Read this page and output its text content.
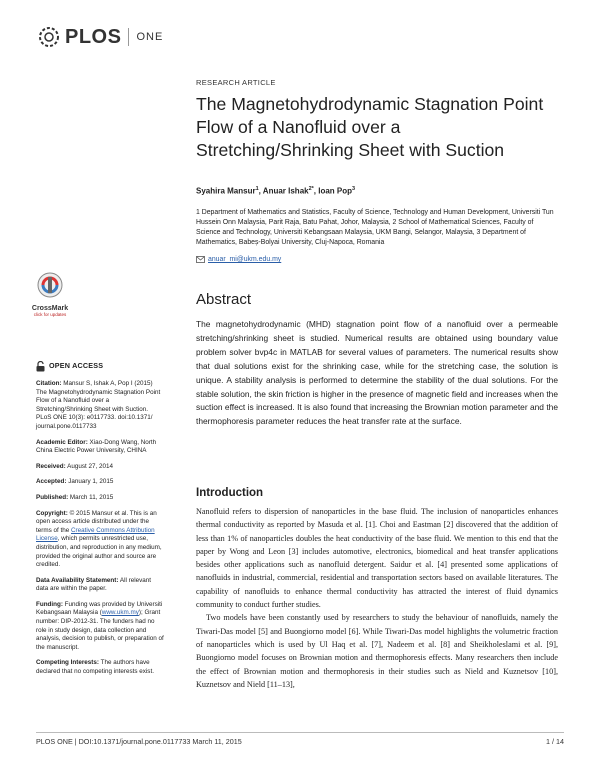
PLOS ONE
CrossMark
click for updates
OPEN ACCESS
Citation: Mansur S, Ishak A, Pop I (2015) The Magnetohydrodynamic Stagnation Point Flow of a Nanofluid over a Stretching/Shrinking Sheet with Suction. PLoS ONE 10(3): e0117733. doi:10.1371/ journal.pone.0117733
Academic Editor: Xiao-Dong Wang, North China Electric Power University, CHINA
Received: August 27, 2014
Accepted: January 1, 2015
Published: March 11, 2015
Copyright: © 2015 Mansur et al. This is an open access article distributed under the terms of the Creative Commons Attribution License, which permits unrestricted use, distribution, and reproduction in any medium, provided the original author and source are credited.
Data Availability Statement: All relevant data are within the paper.
Funding: Funding was provided by Universiti Kebangsaan Malaysia (www.ukm.my); Grant number: DIP-2012-31. The funders had no role in study design, data collection and analysis, decision to publish, or preparation of the manuscript.
Competing Interests: The authors have declared that no competing interests exist.
RESEARCH ARTICLE
The Magnetohydrodynamic Stagnation Point Flow of a Nanofluid over a Stretching/Shrinking Sheet with Suction
Syahira Mansur$^1$, Anuar Ishak$^{2*}$, Ioan Pop$^3$
1 Department of Mathematics and Statistics, Faculty of Science, Technology and Human Development, Universiti Tun Hussein Onn Malaysia, Parit Raja, Batu Pahat, Johor, Malaysia, 2 School of Mathematical Sciences, Faculty of Science and Technology, Universiti Kebangsaan Malaysia, UKM Bangi, Selangor, Malaysia, 3 Department of Mathematics, Babeș-Bolyai University, Cluj-Napoca, Romania
anuar_mi@ukm.edu.my
Abstract
The magnetohydrodynamic (MHD) stagnation point flow of a nanofluid over a permeable stretching/shrinking sheet is studied. Numerical results are obtained using boundary value problem solver bvp4c in MATLAB for several values of parameters. The numerical results show that dual solutions exist for the shrinking case, while for the stretching case, the solution is unique. A stability analysis is performed to determine the stability of the dual solutions. For the stable solution, the skin friction is higher in the presence of magnetic field and increases when the suction effect is increased. It is also found that increasing the Brownian motion parameter and the thermophoresis parameter reduces the heat transfer rate at the surface.
Introduction

Nanofluid refers to dispersion of nanoparticles in the base fluid. The inclusion of nanoparticles enhances thermal conductivity as reported by Masuda et al. [1]. Choi and Eastman [2] discovered that the addition of less than 1% of nanoparticles doubles the heat conductivity of the base fluid. We mention to this end that the paper by Wong and Leon [3] includes automotive, electronics, biomedical and heat transfer applications besides other applications such as nanofluid detergent. Saidur et al. [4] presented some applications of nanofluids in industrial, commercial, residential and transportation sectors based on available literatures. The capability of nanofluids to enhance thermal conductivity has attracted the interest of fluid dynamics community to conduct further studies.

Two models have been constantly used by researchers to study the behaviour of nanofluids, namely the Tiwari-Das model [5] and Buongiorno model [6]. While Tiwari-Das model highlights the volumetric fraction of nanoparticles which is used by Ul Haq et al. [7], Nadeem et al. [8] and Sheikholeslami et al. [9], Buongiorno model focuses on Brownian motion and thermophoresis effects. Many researchers then include the effect of Brownian motion and thermophoresis in their studies such as Nield and Kuznetsov [10], Kuznetsov and Nield [11–13],

PLOS ONE | DOI:10.1371/journal.pone.0117733 March 11, 2015	1 / 14
